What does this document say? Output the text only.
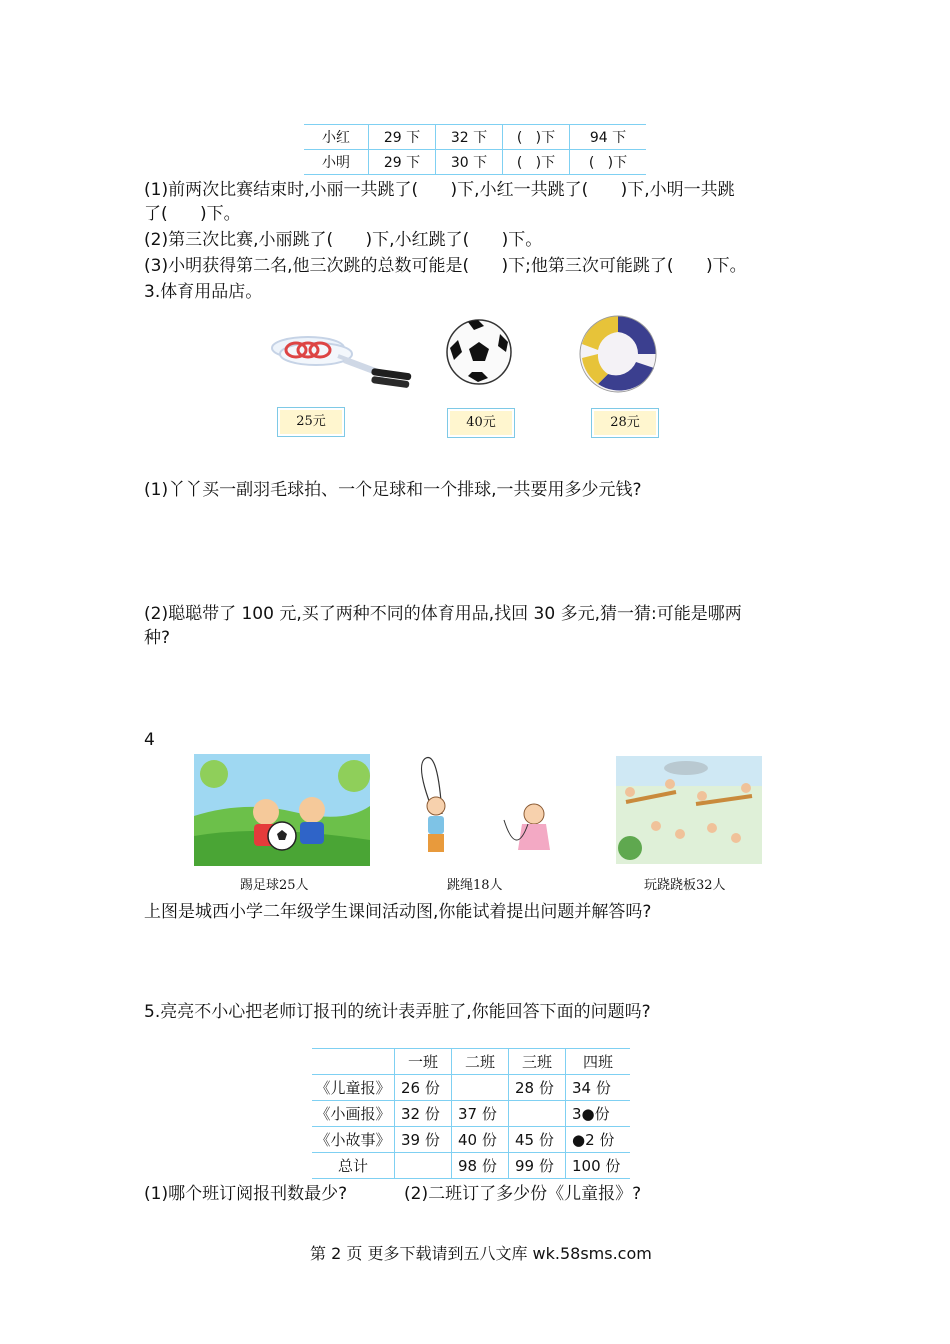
小红	29 下	32 下	(   )下	94 下
小明	29 下	30 下	(   )下	(   )下
(1)前两次比赛结束时,小丽一共跳了(      )下,小红一共跳了(      )下,小明一共跳
了(      )下。
(2)第三次比赛,小丽跳了(      )下,小红跳了(      )下。
(3)小明获得第二名,他三次跳的总数可能是(      )下;他第三次可能跳了(      )下。
3.体育用品店。
25元	40元	28元
(1)丫丫买一副羽毛球拍、一个足球和一个排球,一共要用多少元钱?
(2)聪聪带了 100 元,买了两种不同的体育用品,找回 30 多元,猜一猜:可能是哪两
种?
4
踢足球25人	跳绳18人	玩跷跷板32人
上图是城西小学二年级学生课间活动图,你能试着提出问题并解答吗?
5.亮亮不小心把老师订报刊的统计表弄脏了,你能回答下面的问题吗?
	一班	二班	三班	四班
《儿童报》	26 份		28 份	34 份
《小画报》	32 份	37 份		3●份
《小故事》	39 份	40 份	45 份	●2 份
总计		98 份	99 份	100 份
(1)哪个班订阅报刊数最少?	(2)二班订了多少份《儿童报》?
第 2 页 更多下载请到五八文库 wk.58sms.com
